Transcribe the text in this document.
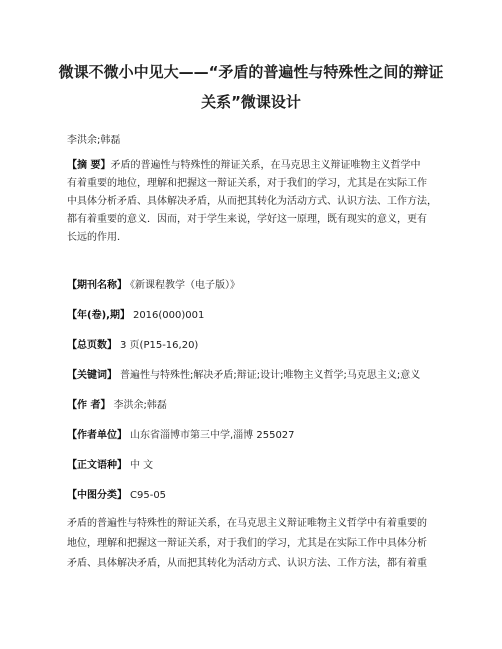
微课不微小中见大——“矛盾的普遍性与特殊性之间的辩证
关系”微课设计
李洪余;韩磊
【摘 要】矛盾的普遍性与特殊性的辩证关系，在马克思主义辩证唯物主义哲学中
有着重要的地位，理解和把握这一辩证关系，对于我们的学习，尤其是在实际工作
中具体分析矛盾、具体解决矛盾，从而把其转化为活动方式、认识方法、工作方法，
都有着重要的意义．因而，对于学生来说，学好这一原理，既有现实的意义，更有
长远的作用．
【期刊名称】 《新课程教学（电子版）》
【年(卷),期】 2016(000)001
【总页数】 3 页(P15-16,20)
【关键词】 普遍性与特殊性;解决矛盾;辩证;设计;唯物主义哲学;马克思主义;意义
【作 者】 李洪余;韩磊
【作者单位】 山东省淄博市第三中学,淄博 255027
【正文语种】 中 文
【中图分类】 C95-05
矛盾的普遍性与特殊性的辩证关系，在马克思主义辩证唯物主义哲学中有着重要的
地位，理解和把握这一辩证关系，对于我们的学习，尤其是在实际工作中具体分析
矛盾、具体解决矛盾，从而把其转化为活动方式、认识方法、工作方法，都有着重
